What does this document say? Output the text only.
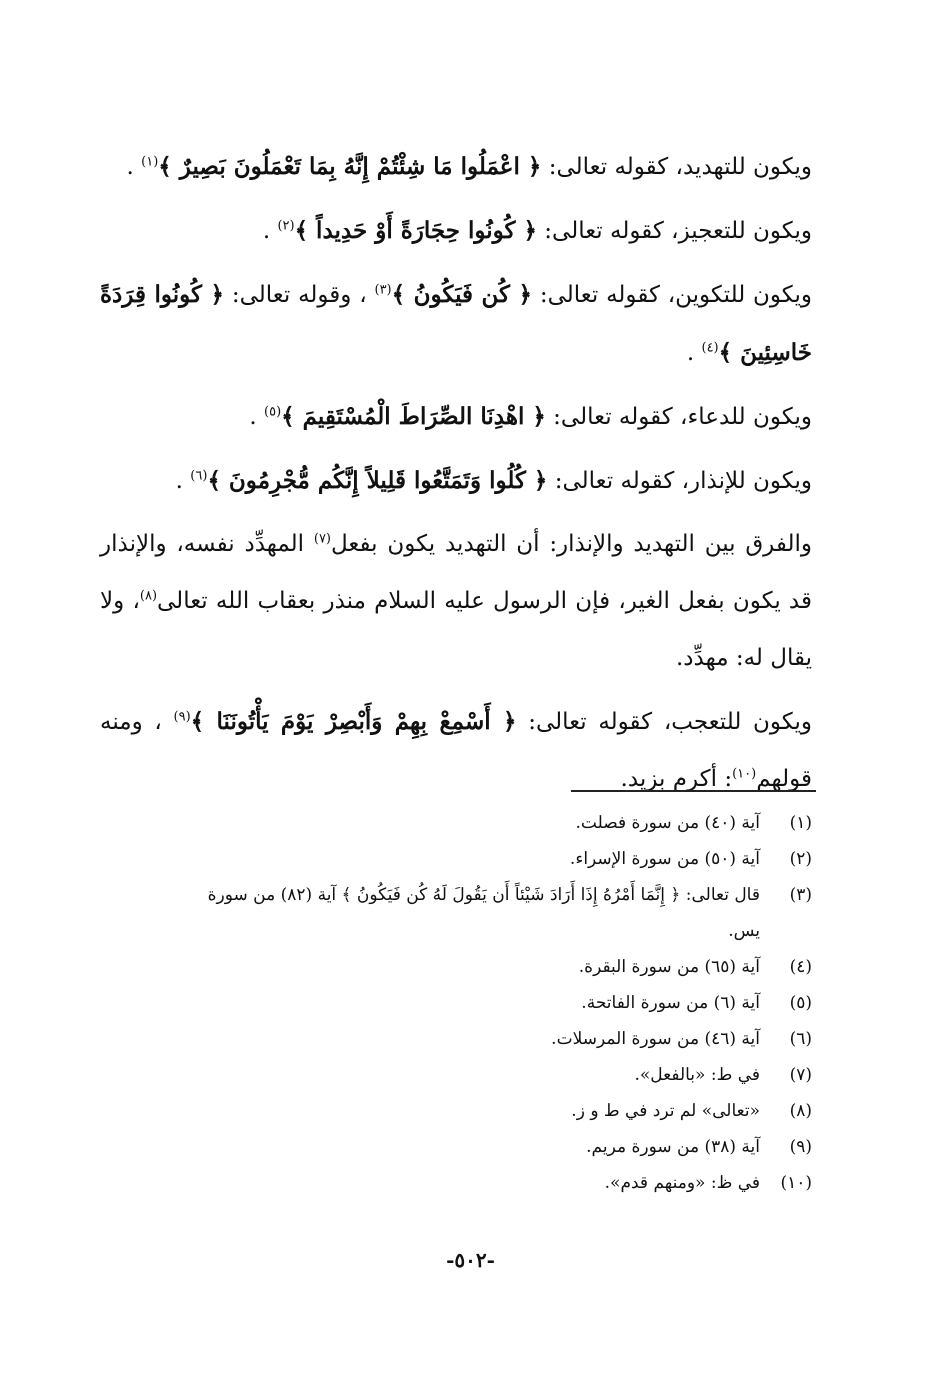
ويكون للتهديد، كقوله تعالى: ﴿ اعْمَلُوا مَا شِئْتُمْ إِنَّهُ بِمَا تَعْمَلُونَ بَصِيرٌ ﴾$^{(١)}$ .

ويكون للتعجيز، كقوله تعالى: ﴿ كُونُوا حِجَارَةً أَوْ حَدِيداً ﴾$^{(٢)}$ .

ويكون للتكوين، كقوله تعالى: ﴿ كُن فَيَكُونُ ﴾$^{(٣)}$ ، وقوله تعالى: ﴿ كُونُوا قِرَدَةً خَاسِئِينَ ﴾$^{(٤)}$ .

ويكون للدعاء، كقوله تعالى: ﴿ اهْدِنَا الصِّرَاطَ الْمُسْتَقِيمَ ﴾$^{(٥)}$ .

ويكون للإنذار، كقوله تعالى: ﴿ كُلُوا وَتَمَتَّعُوا قَلِيلاً إِنَّكُم مُّجْرِمُونَ ﴾$^{(٦)}$ .

والفرق بين التهديد والإنذار: أن التهديد يكون بفعل$^{(٧)}$ المهدِّد نفسه، والإنذار قد يكون بفعل الغير، فإن الرسول عليه السلام منذر بعقاب الله تعالى$^{(٨)}$، ولا يقال له: مهدِّد.

ويكون للتعجب، كقوله تعالى: ﴿ أَسْمِعْ بِهِمْ وَأَبْصِرْ يَوْمَ يَأْتُونَنَا ﴾$^{(٩)}$ ، ومنه قولهم$^{(١٠)}$: أكرم بزيد.

(١)
آية (٤٠) من سورة فصلت.
(٢)
آية (٥٠) من سورة الإسراء.
(٣)
قال تعالى: ﴿ إِنَّمَا أَمْرُهُ إِذَا أَرَادَ شَيْئاً أَن يَقُولَ لَهُ كُن فَيَكُونُ ﴾ آية (٨٢) من سورة
يس.
(٤)
آية (٦٥) من سورة البقرة.
(٥)
آية (٦) من سورة الفاتحة.
(٦)
آية (٤٦) من سورة المرسلات.
(٧)
في ط: «بالفعل».
(٨)
«تعالى» لم ترد في ط و ز.
(٩)
آية (٣٨) من سورة مريم.
(١٠)
في ظ: «ومنهم قدم».
-٥٠٢-
